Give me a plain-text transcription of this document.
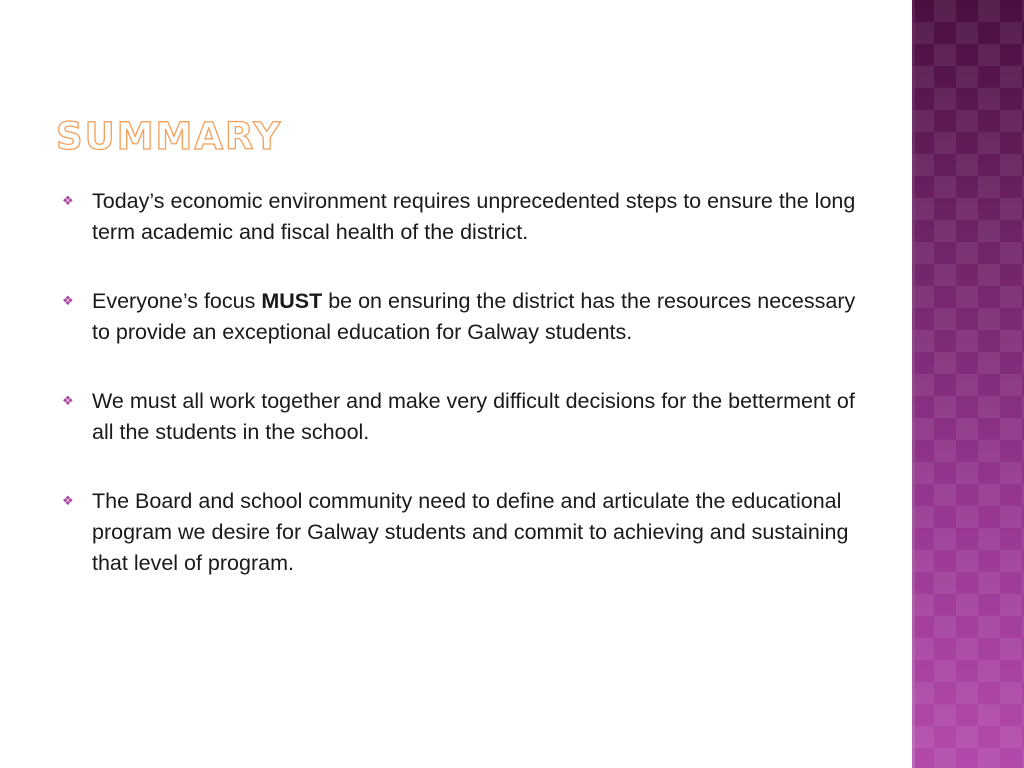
SUMMARY
❖ Today’s economic environment requires unprecedented steps to ensure the long term academic and fiscal health of the district.
❖ Everyone’s focus MUST be on ensuring the district has the resources necessary to provide an exceptional education for Galway students.
❖ We must all work together and make very difficult decisions for the betterment of all the students in the school.
❖ The Board and school community need to define and articulate the educational program we desire for Galway students and commit to achieving and sustaining that level of program.
